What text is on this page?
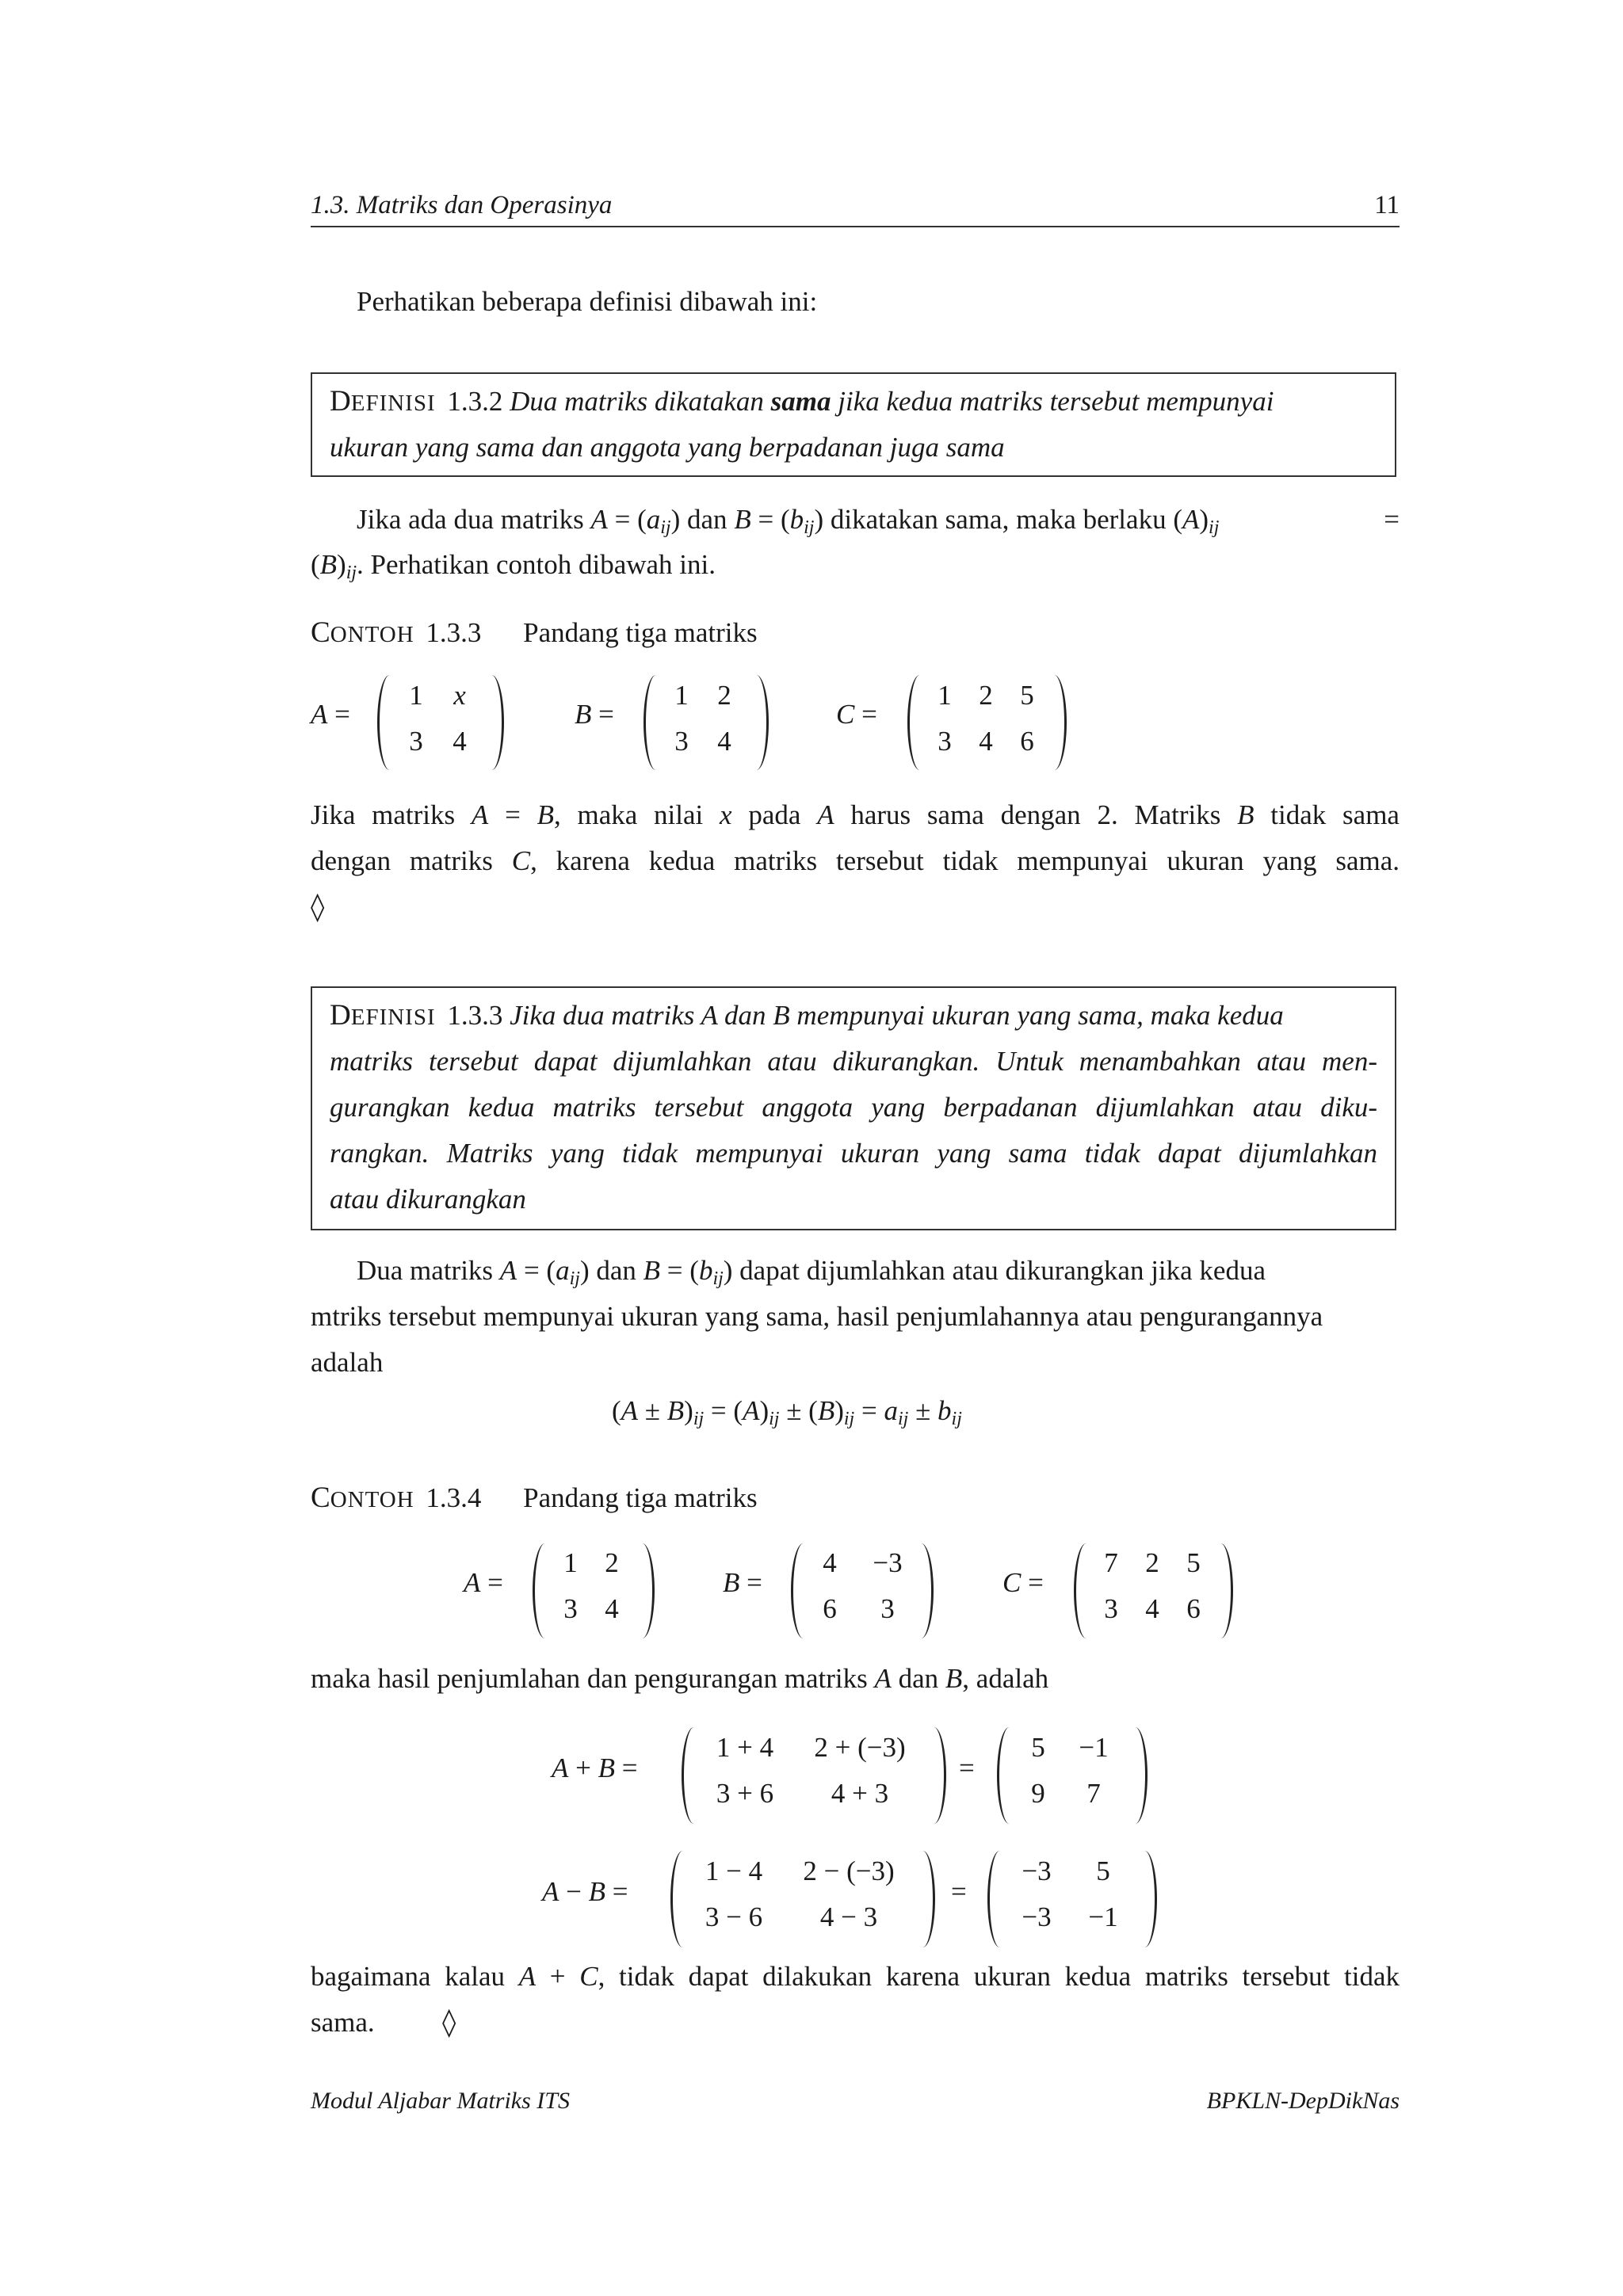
1.3. Matriks dan Operasinya	11
Perhatikan beberapa definisi dibawah ini:
DEFINISI 1.3.2 Dua matriks dikatakan sama jika kedua matriks tersebut mempunyai
ukuran yang sama dan anggota yang berpadanan juga sama
Jika ada dua matriks $A = (a_{ij})$ dan $B = (b_{ij})$ dikatakan sama, maka berlaku $(A)_{ij}$	=
$(B)_{ij}$. Perhatikan contoh dibawah ini.
CONTOH 1.3.3 Pandang tiga matriks
A =
1	x
3	4
B =
1	2
3	4
C =
1 2 5
3 4 6
Jika matriks A = B, maka nilai x pada A harus sama dengan 2. Matriks B tidak sama
dengan matriks C, karena kedua matriks tersebut tidak mempunyai ukuran yang sama.
◊
DEFINISI 1.3.3 Jika dua matriks A dan B mempunyai ukuran yang sama, maka kedua
matriks tersebut dapat dijumlahkan atau dikurangkan. Untuk menambahkan atau men-
gurangkan kedua matriks tersebut anggota yang berpadanan dijumlahkan atau diku-
rangkan. Matriks yang tidak mempunyai ukuran yang sama tidak dapat dijumlahkan
atau dikurangkan
Dua matriks $A = (a_{ij})$ dan $B = (b_{ij})$ dapat dijumlahkan atau dikurangkan jika kedua
mtriks tersebut mempunyai ukuran yang sama, hasil penjumlahannya atau pengurangannya
adalah
$(A \pm B)_{ij} = (A)_{ij} \pm (B)_{ij} = a_{ij} \pm b_{ij}$
CONTOH 1.3.4 Pandang tiga matriks
A =
1 2
3 4
B =
4	−3
6	3
C =
7 2 5
3 4 6
maka hasil penjumlahan dan pengurangan matriks A dan B, adalah
A + B =
1 + 4	2 + (−3)
3 + 6	4 + 3
=
5	−1
9	7
A − B =
1 − 4	2 − (−3)
3 − 6	4 − 3
=
−3	5
−3	−1
bagaimana kalau A + C, tidak dapat dilakukan karena ukuran kedua matriks tersebut tidak
sama. ◊
Modul Aljabar Matriks ITS	BPKLN-DepDikNas
